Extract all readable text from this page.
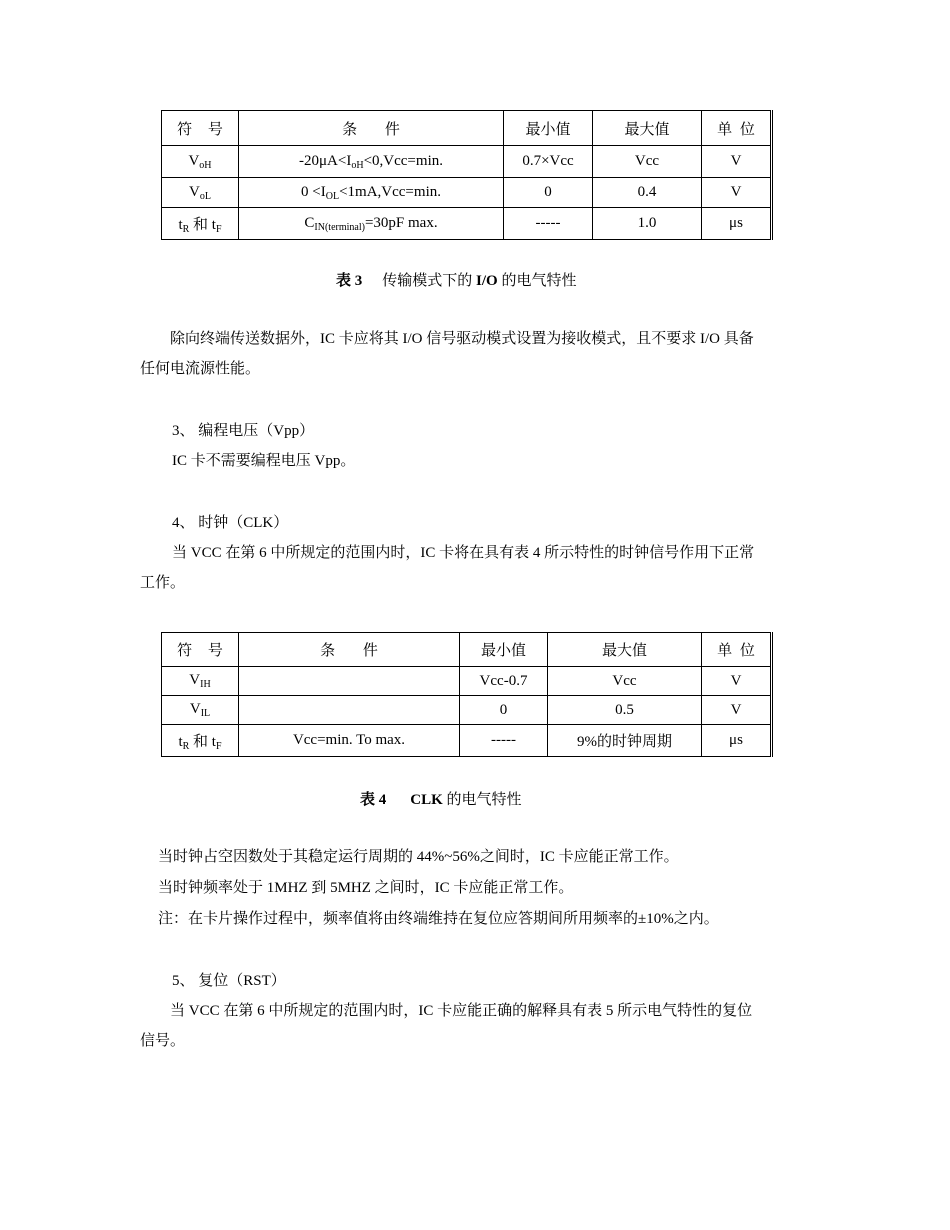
符 号	条 件	最小值	最大值	单 位
$V_{oH}$	$-20\mu A<I_{oH}<0,Vcc=\min$.	0.7×Vcc	Vcc	V
$V_{oL}$	$0 <I_{OL}<1mA,Vcc=\min$.	0	0.4	V
$t_R$ 和 $t_F$	$C_{IN(terminal)}=30pF$ max.	-----	1.0	μs
表 3 传输模式下的 I/O 的电气特性
除向终端传送数据外，IC 卡应将其 I/O 信号驱动模式设置为接收模式，且不要求 I/O 具备
任何电流源性能。
3、 编程电压（Vpp）
IC 卡不需要编程电压 Vpp。
4、 时钟（CLK）
当 VCC 在第 6 中所规定的范围内时，IC 卡将在具有表 4 所示特性的时钟信号作用下正常
工作。
符 号	条 件	最小值	最大值	单 位
$V_{IH}$		Vcc-0.7	Vcc	V
$V_{IL}$		0	0.5	V
$t_R$ 和 $t_F$	Vcc=min. To max.	-----	9%的时钟周期	μs
表 4 CLK 的电气特性
当时钟占空因数处于其稳定运行周期的 44%~56%之间时，IC 卡应能正常工作。
当时钟频率处于 1MHZ 到 5MHZ 之间时，IC 卡应能正常工作。
注：在卡片操作过程中，频率值将由终端维持在复位应答期间所用频率的±10%之内。
5、 复位（RST）
当 VCC 在第 6 中所规定的范围内时，IC 卡应能正确的解释具有表 5 所示电气特性的复位
信号。
